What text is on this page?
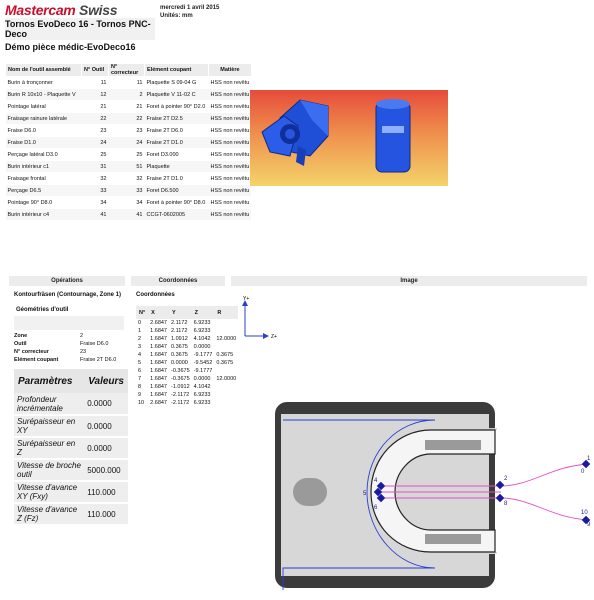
Mastercam Swiss	mercredi 1 avril 2015
Unités: mm
Tornos EvoDeco 16 - Tornos PNC-Deco
Démo pièce médic-EvoDeco16
Nom de l'outil assemblé	N° Outil	N° correcteur	Elément coupant	Matière
Burin à tronçonner	11	11	Plaquette S 09-04 G	HSS non revêtu
Burin R 10x10 - Plaquette V	12	2	Plaquette V 11-02 C	HSS non revêtu
Pointage latéral	21	21	Foret à pointer 90° D2.0	HSS non revêtu
Fraisage rainure latérale	22	22	Fraise 2T D2.5	HSS non revêtu
Fraise D6.0	23	23	Fraise 2T D6.0	HSS non revêtu
Fraise D1.0	24	24	Fraise 2T D1.0	HSS non revêtu
Perçage latéral D3.0	25	25	Foret D3.000	HSS non revêtu
Burin intérieur c1	31	51	Plaquette	HSS non revêtu
Fraisage frontal	32	32	Fraise 2T D1.0	HSS non revêtu
Perçage D6.5	33	33	Foret D6.500	HSS non revêtu
Pointage 90° D8.0	34	34	Foret à pointer 90° D8.0	HSS non revêtu
Burin intérieur c4	41	41	CCGT-0602005	HSS non revêtu
Opérations	Coordonnées	Image
Kontourfräsen (Contournage, Zone 1)
Géométries d'outil
Zone	2
Outil	Fraise D6.0
N° correcteur	23
Elément coupant	Fraise 2T D6.0
Paramètres	Valeurs
Profondeur incrémentale	0.0000
Surépaisseur en XY	0.0000
Surépaisseur en Z	0.0000
Vitesse de broche outil	5000.000
Vitesse d'avance XY (Fxy)	110.000
Vitesse d'avance Z (Fz)	110.000
Coordonnées
N°	X	Y	Z	R
0	2.6847	2.1172	6.9233	
1	1.6847	2.1172	6.9233	
2	1.6847	1.0912	4.1042	12.0000
3	1.6847	0.3675	0.0000	
4	1.6847	0.3675	-9.1777	0.3675
5	1.6847	0.0000	-9.5452	0.3675
6	1.6847	-0.3675	-9.1777	
7	1.6847	-0.3675	0.0000	12.0000
8	1.6847	-1.0912	4.1042	
9	1.6847	-2.1172	6.9233	
10	2.6847	-2.1172	6.9233	
Y+
Z+
2
8
4
5
6
1
0
10
9
